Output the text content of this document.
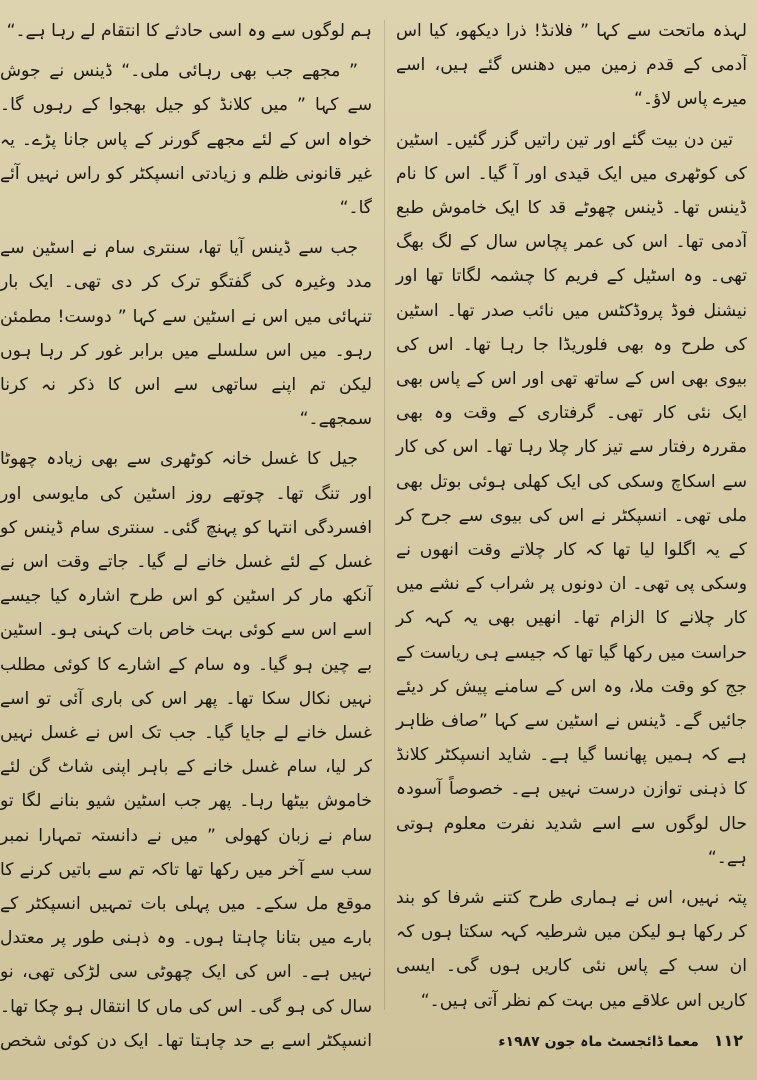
لہذہ ماتحت سے کہا ” فلانڈ! ذرا دیکھو، کیا اس آدمی کے قدم زمین میں دھنس گئے ہیں، اسے میرے پاس لاؤ۔“

تین دن بیت گئے اور تین راتیں گزر گئیں۔ اسٹین کی کوٹھری میں ایک قیدی اور آ گیا۔ اس کا نام ڈینس تھا۔ ڈینس چھوٹے قد کا ایک خاموش طبع آدمی تھا۔ اس کی عمر پچاس سال کے لگ بھگ تھی۔ وہ اسٹیل کے فریم کا چشمہ لگاتا تھا اور نیشنل فوڈ پروڈکٹس میں نائب صدر تھا۔ اسٹین کی طرح وہ بھی فلوریڈا جا رہا تھا۔ اس کی بیوی بھی اس کے ساتھ تھی اور اس کے پاس بھی ایک نئی کار تھی۔ گرفتاری کے وقت وہ بھی مقررہ رفتار سے تیز کار چلا رہا تھا۔ اس کی کار سے اسکاچ وسکی کی ایک کھلی ہوئی بوتل بھی ملی تھی۔ انسپکٹر نے اس کی بیوی سے جرح کر کے یہ اگلوا لیا تھا کہ کار چلاتے وقت انھوں نے وسکی پی تھی۔ ان دونوں پر شراب کے نشے میں کار چلانے کا الزام تھا۔ انھیں بھی یہ کہہ کر حراست میں رکھا گیا تھا کہ جیسے ہی ریاست کے جج کو وقت ملا، وہ اس کے سامنے پیش کر دیئے جائیں گے۔ ڈینس نے اسٹین سے کہا ”صاف ظاہر ہے کہ ہمیں پھانسا گیا ہے۔ شاید انسپکٹر کلانڈ کا ذہنی توازن درست نہیں ہے۔ خصوصاً آسودہ حال لوگوں سے اسے شدید نفرت معلوم ہوتی ہے۔“

پتہ نہیں، اس نے ہماری طرح کتنے شرفا کو بند کر رکھا ہو لیکن میں شرطیہ کہہ سکتا ہوں کہ ان سب کے پاس نئی کاریں ہوں گی۔ ایسی کاریں اس علاقے میں بہت کم نظر آتی ہیں۔“

ہم لوگوں سے وہ اسی حادثے کا انتقام لے رہا ہے۔“

” مجھے جب بھی رہائی ملی۔“ ڈینس نے جوش سے کہا ” میں کلانڈ کو جیل بھجوا کے رہوں گا۔ خواہ اس کے لئے مجھے گورنر کے پاس جانا پڑے۔ یہ غیر قانونی ظلم و زیادتی انسپکٹر کو راس نہیں آئے گا۔“

جب سے ڈینس آیا تھا، سنتری سام نے اسٹین سے مدد وغیرہ کی گفتگو ترک کر دی تھی۔ ایک بار تنہائی میں اس نے اسٹین سے کہا ” دوست! مطمئن رہو۔ میں اس سلسلے میں برابر غور کر رہا ہوں لیکن تم اپنے ساتھی سے اس کا ذکر نہ کرنا سمجھے۔“

جیل کا غسل خانہ کوٹھری سے بھی زیادہ چھوٹا اور تنگ تھا۔ چوتھے روز اسٹین کی مایوسی اور افسردگی انتہا کو پہنچ گئی۔ سنتری سام ڈینس کو غسل کے لئے غسل خانے لے گیا۔ جاتے وقت اس نے آنکھ مار کر اسٹین کو اس طرح اشارہ کیا جیسے اسے اس سے کوئی بہت خاص بات کہنی ہو۔ اسٹین بے چین ہو گیا۔ وہ سام کے اشارے کا کوئی مطلب نہیں نکال سکا تھا۔ پھر اس کی باری آئی تو اسے غسل خانے لے جایا گیا۔ جب تک اس نے غسل نہیں کر لیا، سام غسل خانے کے باہر اپنی شاٹ گن لئے خاموش بیٹھا رہا۔ پھر جب اسٹین شیو بنانے لگا تو سام نے زبان کھولی ” میں نے دانستہ تمہارا نمبر سب سے آخر میں رکھا تھا تاکہ تم سے باتیں کرنے کا موقع مل سکے۔ میں پہلی بات تمہیں انسپکٹر کے بارے میں بتانا چاہتا ہوں۔ وہ ذہنی طور پر معتدل نہیں ہے۔ اس کی ایک چھوٹی سی لڑکی تھی، نو سال کی ہو گی۔ اس کی ماں کا انتقال ہو چکا تھا۔ انسپکٹر اسے بے حد چاہتا تھا۔ ایک دن کوئی شخص	۱۱۲ معما ڈائجسٹ ماہ جون ۱۹۸۷ء
